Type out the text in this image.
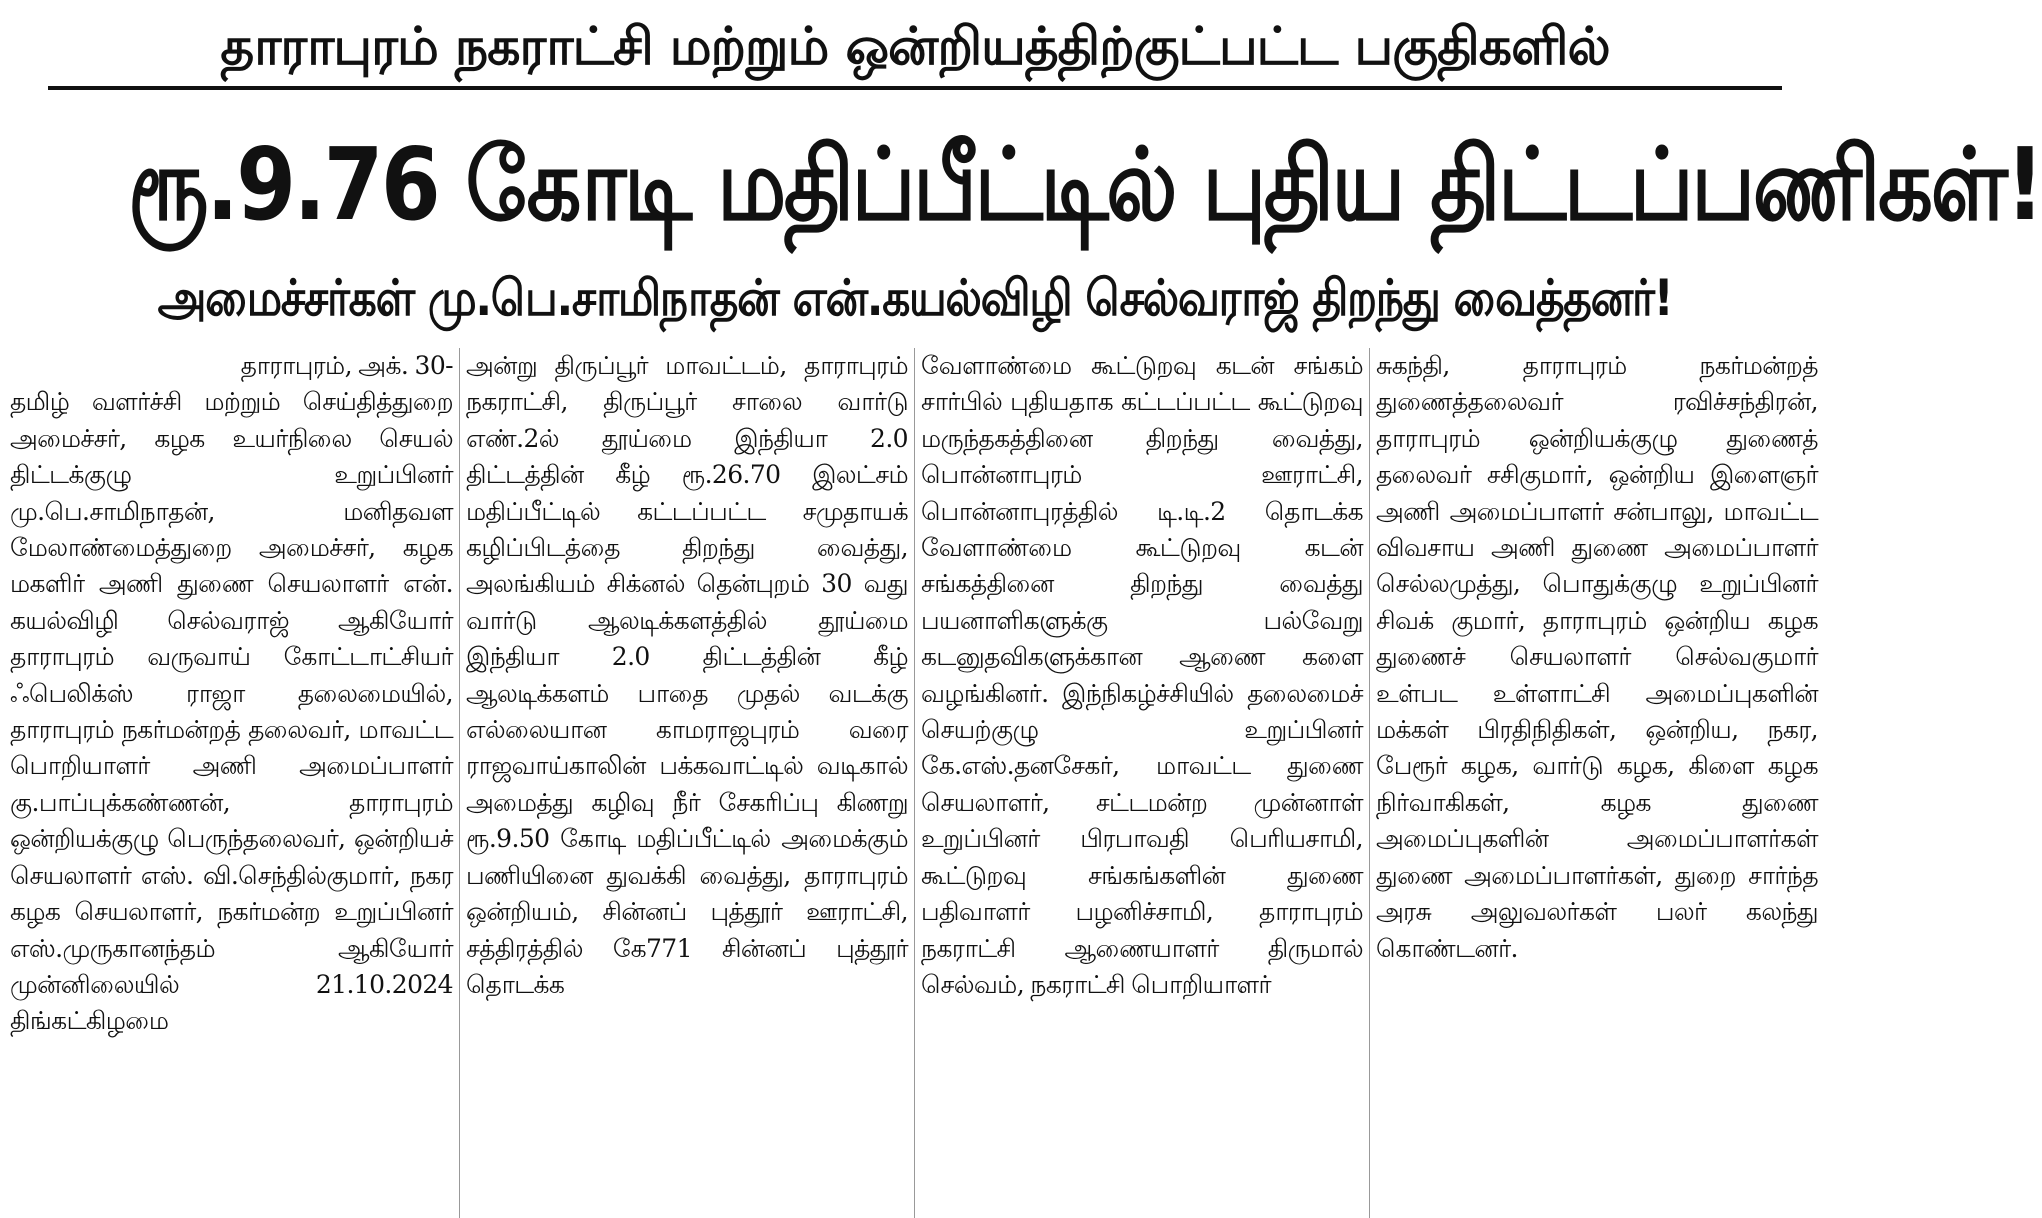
தாராபுரம் நகராட்சி மற்றும் ஒன்றியத்திற்குட்பட்ட பகுதிகளில்
ரூ.9.76 கோடி மதிப்பீட்டில் புதிய திட்டப்பணிகள்!
அமைச்சர்கள் மு.பெ.சாமிநாதன் என்.கயல்விழி செல்வராஜ் திறந்து வைத்தனர்!
தாராபுரம், அக். 30-
தமிழ் வளர்ச்சி மற்றும் செய்தித்துறை அமைச்சர், கழக உயர்நிலை செயல் திட்டக்குழு உறுப்பினர் மு.பெ.சாமிநாதன், மனிதவள மேலாண்மைத்துறை அமைச்சர், கழக மகளிர் அணி துணை செயலாளர் என். கயல்விழி செல்வராஜ் ஆகியோர் தாராபுரம் வருவாய் கோட்டாட்சியர் ஃபெலிக்ஸ் ராஜா தலைமையில், தாராபுரம் நகர்மன்றத் தலைவர், மாவட்ட பொறியாளர் அணி அமைப்பாளர் கு.பாப்புக்கண்ணன், தாராபுரம் ஒன்றியக்குழு பெருந்தலைவர், ஒன்றியச் செயலாளர் எஸ். வி.செந்தில்குமார், நகர கழக செயலாளர், நகர்மன்ற உறுப்பினர் எஸ்.முருகானந்தம் ஆகியோர் முன்னிலையில் 21.10.2024 திங்கட்கிழமை
அன்று திருப்பூர் மாவட்டம், தாராபுரம் நகராட்சி, திருப்பூர் சாலை வார்டு எண்.2ல் தூய்மை இந்தியா 2.0 திட்டத்தின் கீழ் ரூ.26.70 இலட்சம் மதிப்பீட்டில் கட்டப்பட்ட சமுதாயக் கழிப்பிடத்தை திறந்து வைத்து, அலங்கியம் சிக்னல் தென்புறம் 30 வது வார்டு ஆலடிக்களத்தில் தூய்மை இந்தியா 2.0 திட்டத்தின் கீழ் ஆலடிக்களம் பாதை முதல் வடக்கு எல்லையான காமராஜபுரம் வரை ராஜவாய்காலின் பக்கவாட்டில் வடிகால் அமைத்து கழிவு நீர் சேகரிப்பு கிணறு ரூ.9.50 கோடி மதிப்பீட்டில் அமைக்கும் பணியினை துவக்கி வைத்து, தாராபுரம் ஒன்றியம், சின்னப் புத்தூர் ஊராட்சி, சத்திரத்தில் கே771 சின்னப் புத்தூர் தொடக்க
வேளாண்மை கூட்டுறவு கடன் சங்கம் சார்பில் புதியதாக கட்டப்பட்ட கூட்டுறவு மருந்தகத்தினை திறந்து வைத்து, பொன்னாபுரம் ஊராட்சி, பொன்னாபுரத்தில் டி.டி.2 தொடக்க வேளாண்மை கூட்டுறவு கடன் சங்கத்தினை திறந்து வைத்து பயனாளிகளுக்கு பல்வேறு கடனுதவிகளுக்கான ஆணை களை வழங்கினர். இந்நிகழ்ச்சியில் தலைமைச் செயற்குழு உறுப்பினர் கே.எஸ்.தனசேகர், மாவட்ட துணை செயலாளர், சட்டமன்ற முன்னாள் உறுப்பினர் பிரபாவதி பெரியசாமி, கூட்டுறவு சங்கங்களின் துணை பதிவாளர் பழனிச்சாமி, தாராபுரம் நகராட்சி ஆணையாளர் திருமால் செல்வம், நகராட்சி பொறியாளர்
சுகந்தி, தாராபுரம் நகர்மன்றத் துணைத்தலைவர் ரவிச்சந்திரன், தாராபுரம் ஒன்றியக்குழு துணைத் தலைவர் சசிகுமார், ஒன்றிய இளைஞர் அணி அமைப்பாளர் சன்பாலு, மாவட்ட விவசாய அணி துணை அமைப்பாளர் செல்லமுத்து, பொதுக்குழு உறுப்பினர் சிவக் குமார், தாராபுரம் ஒன்றிய கழக துணைச் செயலாளர் செல்வகுமார் உள்பட உள்ளாட்சி அமைப்புகளின் மக்கள் பிரதிநிதிகள், ஒன்றிய, நகர, பேரூர் கழக, வார்டு கழக, கிளை கழக நிர்வாகிகள், கழக துணை அமைப்புகளின் அமைப்பாளர்கள் துணை அமைப்பாளர்கள், துறை சார்ந்த அரசு அலுவலர்கள் பலர் கலந்து கொண்டனர்.
